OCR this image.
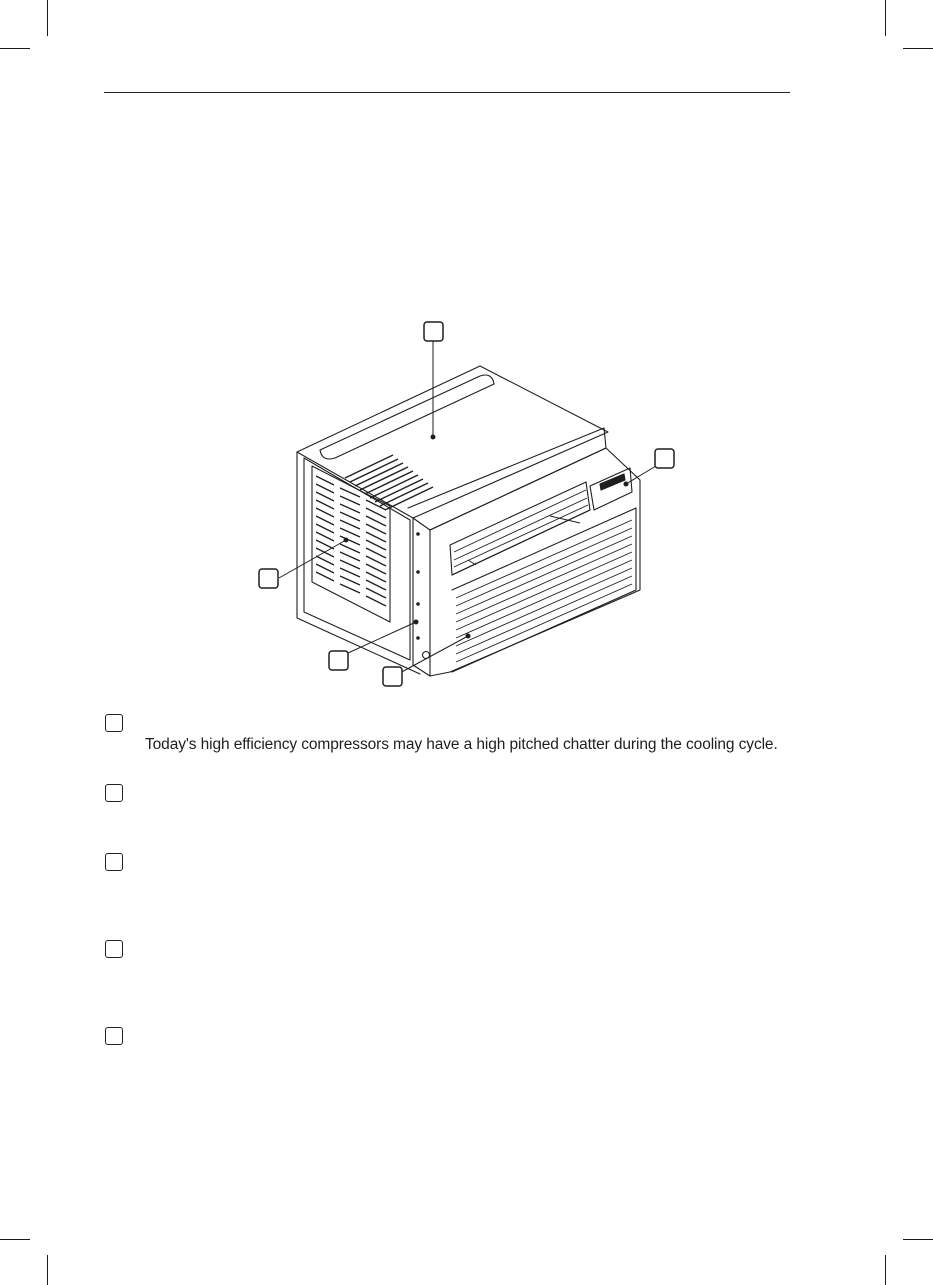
Today's high efficiency compressors may have a high pitched chatter during the cooling cycle.
